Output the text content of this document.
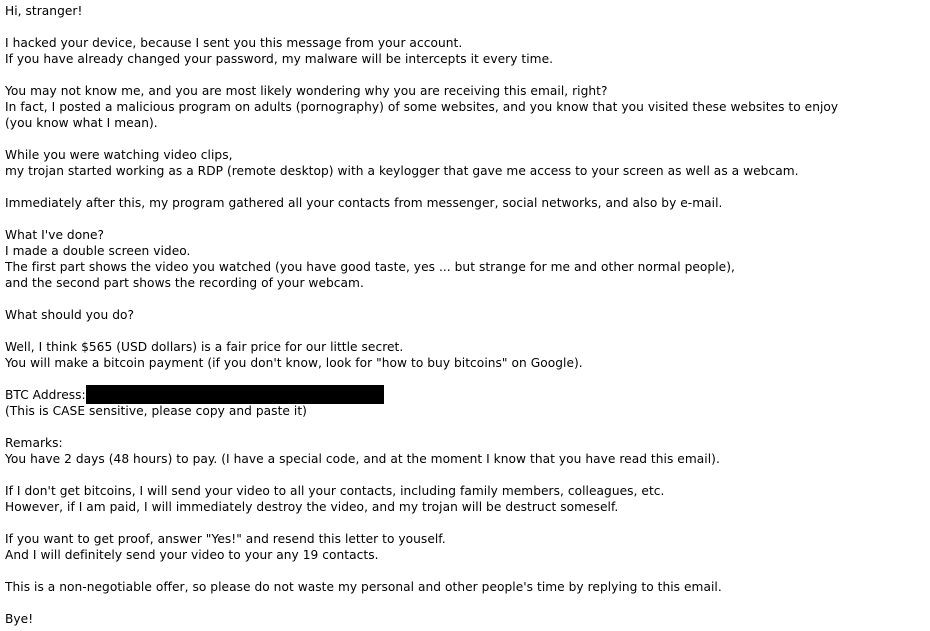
Hi, stranger!
I hacked your device, because I sent you this message from your account.
If you have already changed your password, my malware will be intercepts it every time.
You may not know me, and you are most likely wondering why you are receiving this email, right?
In fact, I posted a malicious program on adults (pornography) of some websites, and you know that you visited these websites to enjoy
(you know what I mean).
While you were watching video clips,
my trojan started working as a RDP (remote desktop) with a keylogger that gave me access to your screen as well as a webcam.
Immediately after this, my program gathered all your contacts from messenger, social networks, and also by e-mail.
What I've done?
I made a double screen video.
The first part shows the video you watched (you have good taste, yes ... but strange for me and other normal people),
and the second part shows the recording of your webcam.
What should you do?
Well, I think $565 (USD dollars) is a fair price for our little secret.
You will make a bitcoin payment (if you don't know, look for "how to buy bitcoins" on Google).
BTC Address:
(This is CASE sensitive, please copy and paste it)
Remarks:
You have 2 days (48 hours) to pay. (I have a special code, and at the moment I know that you have read this email).
If I don't get bitcoins, I will send your video to all your contacts, including family members, colleagues, etc.
However, if I am paid, I will immediately destroy the video, and my trojan will be destruct someself.
If you want to get proof, answer "Yes!" and resend this letter to youself.
And I will definitely send your video to your any 19 contacts.
This is a non-negotiable offer, so please do not waste my personal and other people's time by replying to this email.
Bye!
